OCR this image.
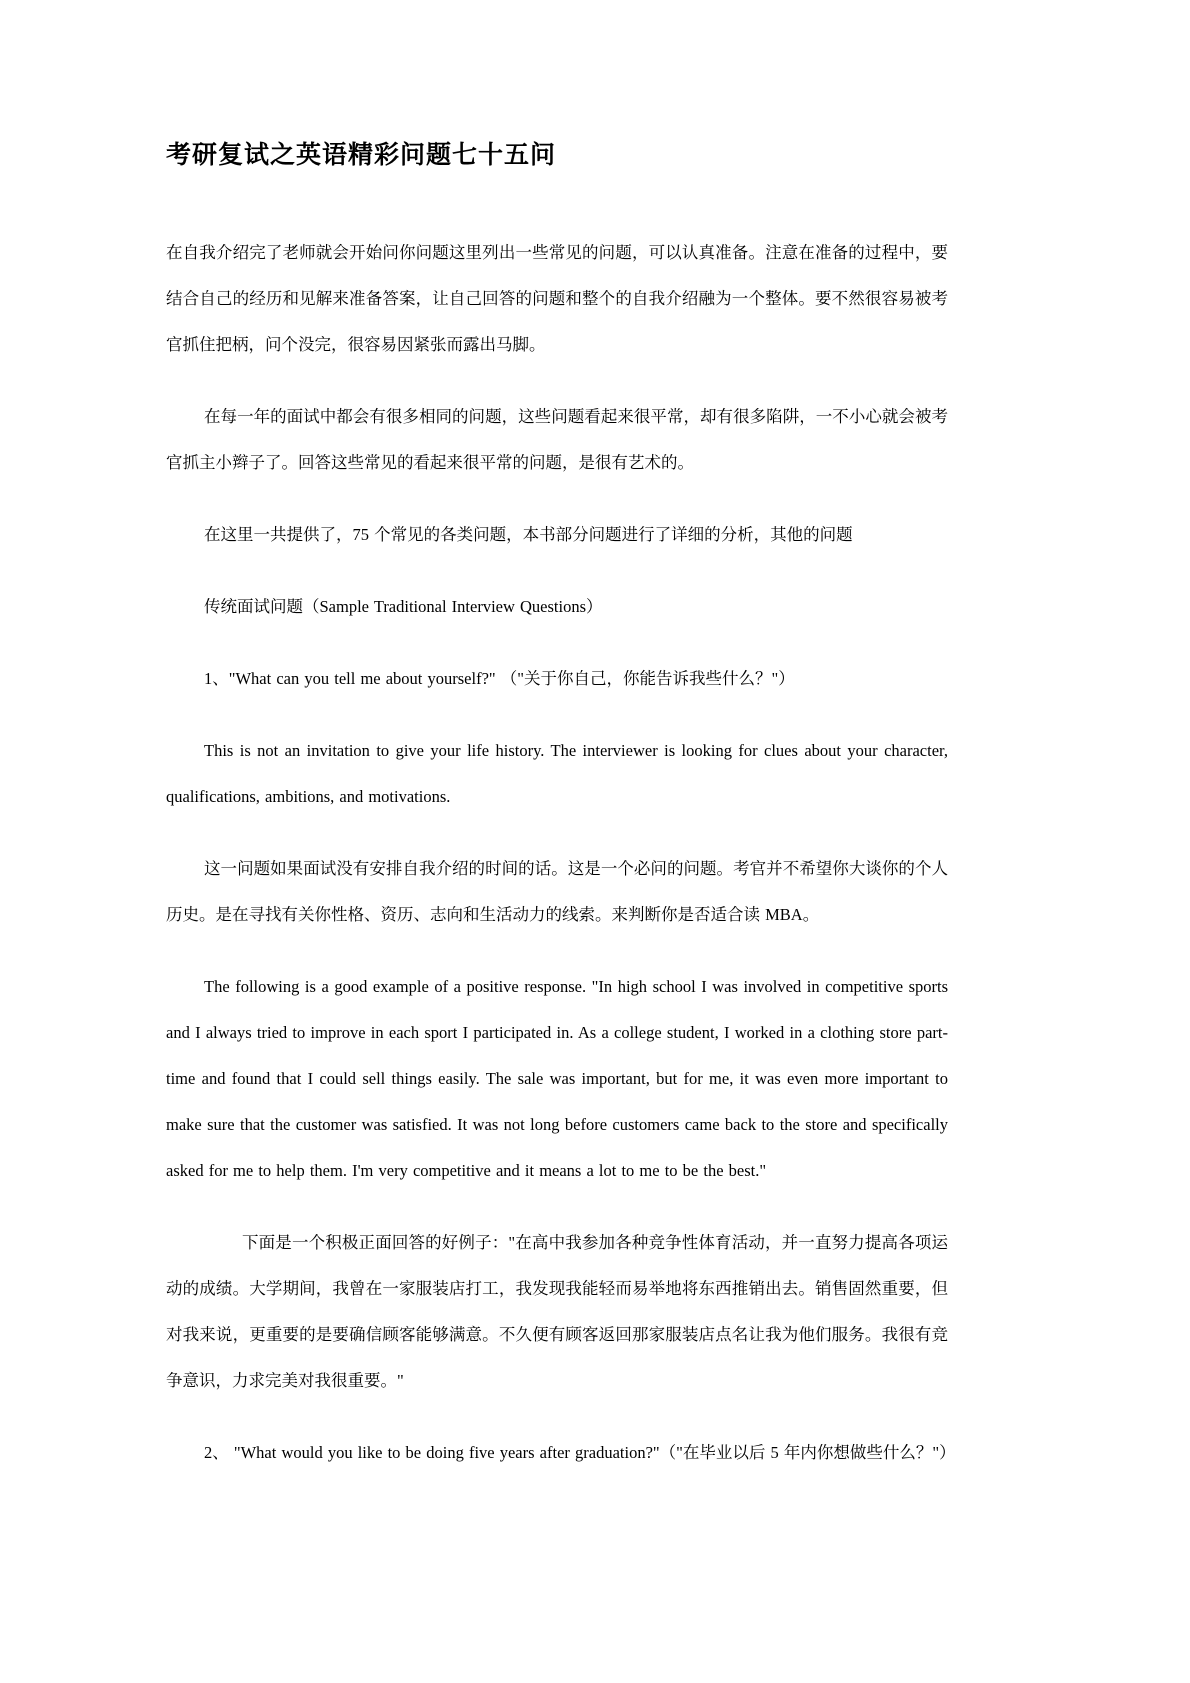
考研复试之英语精彩问题七十五问

在自我介绍完了老师就会开始问你问题这里列出一些常见的问题，可以认真准备。注意在准备的过程中，要结合自己的经历和见解来准备答案，让自己回答的问题和整个的自我介绍融为一个整体。要不然很容易被考官抓住把柄，问个没完，很容易因紧张而露出马脚。

在每一年的面试中都会有很多相同的问题，这些问题看起来很平常，却有很多陷阱，一不小心就会被考官抓主小辫子了。回答这些常见的看起来很平常的问题，是很有艺术的。

在这里一共提供了，75 个常见的各类问题，本书部分问题进行了详细的分析，其他的问题

传统面试问题（Sample Traditional Interview Questions）

1、"What can you tell me about yourself?" （"关于你自己，你能告诉我些什么？"）

This is not an invitation to give your life history. The interviewer is looking for clues about your character, qualifications, ambitions, and motivations.

这一问题如果面试没有安排自我介绍的时间的话。这是一个必问的问题。考官并不希望你大谈你的个人历史。是在寻找有关你性格、资历、志向和生活动力的线索。来判断你是否适合读 MBA。

The following is a good example of a positive response. "In high school I was involved in competitive sports and I always tried to improve in each sport I participated in. As a college student, I worked in a clothing store part-time and found that I could sell things easily. The sale was important, but for me, it was even more important to make sure that the customer was satisfied. It was not long before customers came back to the store and specifically asked for me to help them. I'm very competitive and it means a lot to me to be the best."

下面是一个积极正面回答的好例子："在高中我参加各种竞争性体育活动，并一直努力提高各项运动的成绩。大学期间，我曾在一家服装店打工，我发现我能轻而易举地将东西推销出去。销售固然重要，但对我来说，更重要的是要确信顾客能够满意。不久便有顾客返回那家服装店点名让我为他们服务。我很有竞争意识，力求完美对我很重要。"

2、 "What would you like to be doing five years after graduation?"（"在毕业以后 5 年内你想做些什么？"）
